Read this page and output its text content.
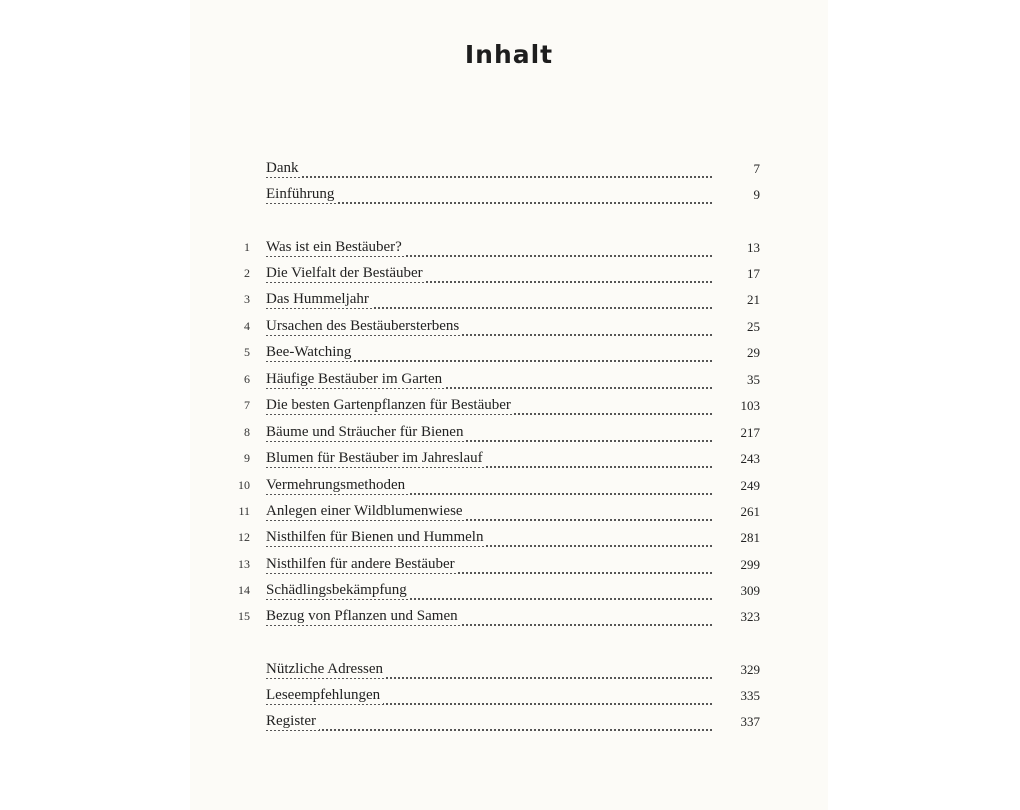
Inhalt
Dank	7
Einführung	9
1 Was ist ein Bestäuber?	13
2 Die Vielfalt der Bestäuber	17
3 Das Hummeljahr	21
4 Ursachen des Bestäubersterbens	25
5 Bee-Watching	29
6 Häufige Bestäuber im Garten	35
7 Die besten Gartenpflanzen für Bestäuber	103
8 Bäume und Sträucher für Bienen	217
9 Blumen für Bestäuber im Jahreslauf	243
10 Vermehrungsmethoden	249
11 Anlegen einer Wildblumenwiese	261
12 Nisthilfen für Bienen und Hummeln	281
13 Nisthilfen für andere Bestäuber	299
14 Schädlingsbekämpfung	309
15 Bezug von Pflanzen und Samen	323
Nützliche Adressen	329
Leseempfehlungen	335
Register	337
